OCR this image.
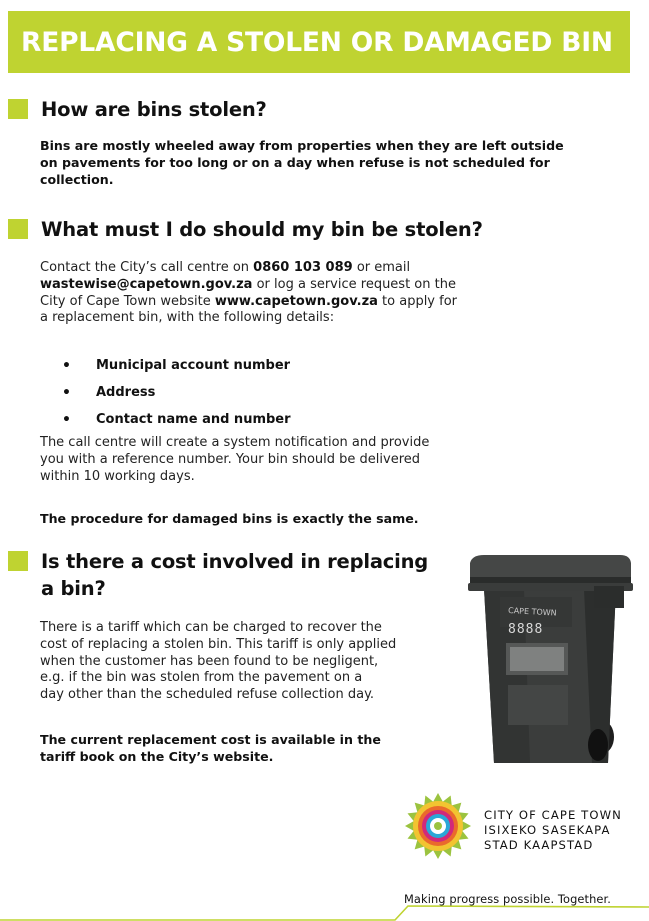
REPLACING A STOLEN OR DAMAGED BIN
How are bins stolen?
Bins are mostly wheeled away from properties when they are left outside
on pavements for too long or on a day when refuse is not scheduled for
collection.
What must I do should my bin be stolen?
Contact the City’s call centre on 0860 103 089 or email
wastewise@capetown.gov.za or log a service request on the
City of Cape Town website www.capetown.gov.za to apply for
a replacement bin, with the following details:
•	Municipal account number
•	Address
•	Contact name and number
The call centre will create a system notification and provide
you with a reference number. Your bin should be delivered
within 10 working days.
The procedure for damaged bins is exactly the same.
Is there a cost involved in replacing
a bin?
There is a tariff which can be charged to recover the
cost of replacing a stolen bin. This tariff is only applied
when the customer has been found to be negligent,
e.g. if the bin was stolen from the pavement on a
day other than the scheduled refuse collection day.
The current replacement cost is available in the
tariff book on the City’s website.
CAPE TOWN
8888
CITY OF CAPE TOWN
ISIXEKO SASEKAPA
STAD KAAPSTAD
Making progress possible. Together.
